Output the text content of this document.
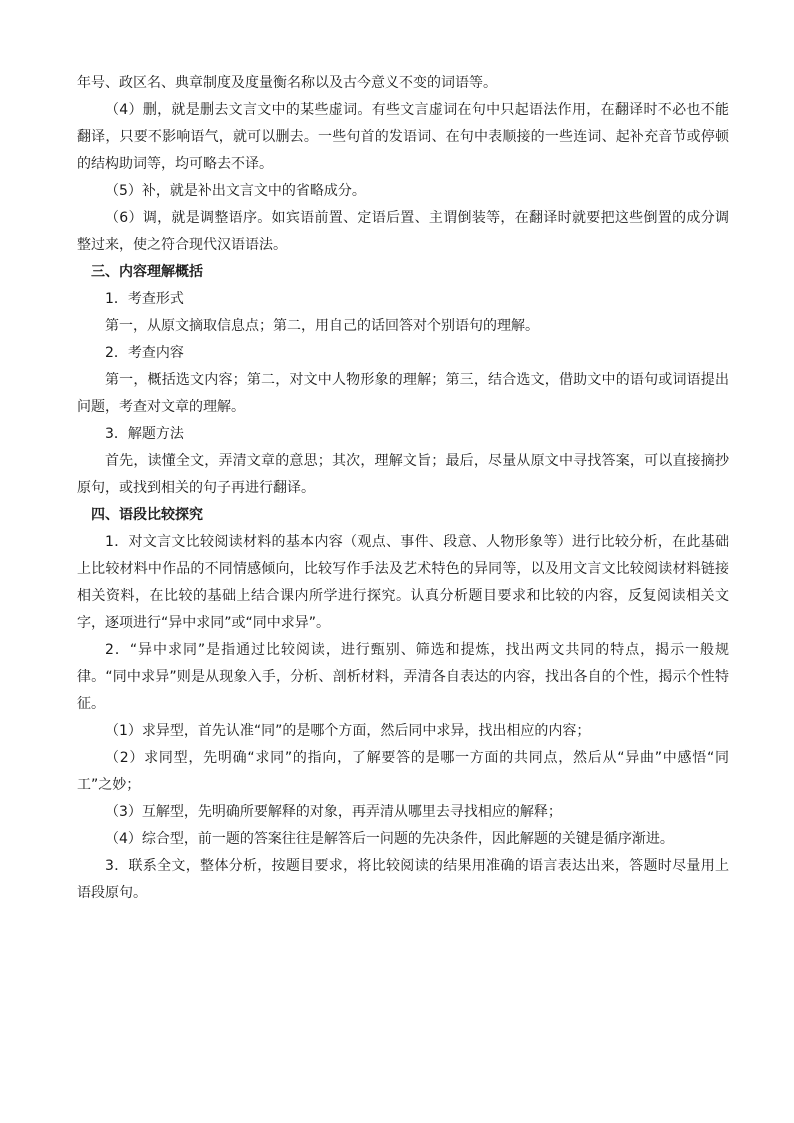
年号、政区名、典章制度及度量衡名称以及古今意义不变的词语等。

（4）删，就是删去文言文中的某些虚词。有些文言虚词在句中只起语法作用，在翻译时不必也不能翻译，只要不影响语气，就可以删去。一些句首的发语词、在句中表顺接的一些连词、起补充音节或停顿的结构助词等，均可略去不译。

（5）补，就是补出文言文中的省略成分。

（6）调，就是调整语序。如宾语前置、定语后置、主谓倒装等，在翻译时就要把这些倒置的成分调整过来，使之符合现代汉语语法。

三、内容理解概括

1．考查形式

第一，从原文摘取信息点；第二，用自己的话回答对个别语句的理解。

2．考查内容

第一，概括选文内容；第二，对文中人物形象的理解；第三，结合选文，借助文中的语句或词语提出问题，考查对文章的理解。

3．解题方法

首先，读懂全文，弄清文章的意思；其次，理解文旨；最后，尽量从原文中寻找答案，可以直接摘抄原句，或找到相关的句子再进行翻译。

四、语段比较探究

1．对文言文比较阅读材料的基本内容（观点、事件、段意、人物形象等）进行比较分析，在此基础上比较材料中作品的不同情感倾向，比较写作手法及艺术特色的异同等，以及用文言文比较阅读材料链接相关资料，在比较的基础上结合课内所学进行探究。认真分析题目要求和比较的内容，反复阅读相关文字，逐项进行“异中求同”或“同中求异”。

2．“异中求同”是指通过比较阅读，进行甄别、筛选和提炼，找出两文共同的特点，揭示一般规律。“同中求异”则是从现象入手，分析、剖析材料，弄清各自表达的内容，找出各自的个性，揭示个性特征。

（1）求异型，首先认准“同”的是哪个方面，然后同中求异，找出相应的内容；

（2）求同型，先明确“求同”的指向，了解要答的是哪一方面的共同点，然后从“异曲”中感悟“同工”之妙；

（3）互解型，先明确所要解释的对象，再弄清从哪里去寻找相应的解释；

（4）综合型，前一题的答案往往是解答后一问题的先决条件，因此解题的关键是循序渐进。

3．联系全文，整体分析，按题目要求，将比较阅读的结果用准确的语言表达出来，答题时尽量用上语段原句。
